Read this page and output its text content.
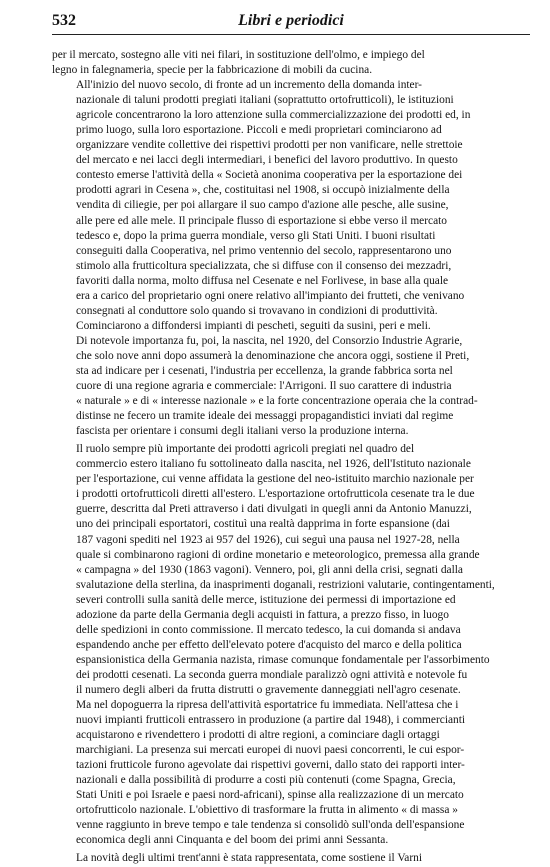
532	Libri e periodici

per il mercato, sostegno alle viti nei filari, in sostituzione dell'olmo, e impiego del
legno in falegnameria, specie per la fabbricazione di mobili da cucina.

All'inizio del nuovo secolo, di fronte ad un incremento della domanda inter-
nazionale di taluni prodotti pregiati italiani (soprattutto ortofrutticoli), le istituzioni
agricole concentrarono la loro attenzione sulla commercializzazione dei prodotti ed, in
primo luogo, sulla loro esportazione. Piccoli e medi proprietari cominciarono ad
organizzare vendite collettive dei rispettivi prodotti per non vanificare, nelle strettoie
del mercato e nei lacci degli intermediari, i benefici del lavoro produttivo. In questo
contesto emerse l'attività della « Società anonima cooperativa per la esportazione dei
prodotti agrari in Cesena », che, costituitasi nel 1908, si occupò inizialmente della
vendita di ciliegie, per poi allargare il suo campo d'azione alle pesche, alle susine,
alle pere ed alle mele. Il principale flusso di esportazione si ebbe verso il mercato
tedesco e, dopo la prima guerra mondiale, verso gli Stati Uniti. I buoni risultati
conseguiti dalla Cooperativa, nel primo ventennio del secolo, rappresentarono uno
stimolo alla frutticoltura specializzata, che si diffuse con il consenso dei mezzadri,
favoriti dalla norma, molto diffusa nel Cesenate e nel Forlivese, in base alla quale
era a carico del proprietario ogni onere relativo all'impianto dei frutteti, che venivano
consegnati al conduttore solo quando si trovavano in condizioni di produttività.
Cominciarono a diffondersi impianti di pescheti, seguiti da susini, peri e meli.
Di notevole importanza fu, poi, la nascita, nel 1920, del Consorzio Industrie Agrarie,
che solo nove anni dopo assumerà la denominazione che ancora oggi, sostiene il Preti,
sta ad indicare per i cesenati, l'industria per eccellenza, la grande fabbrica sorta nel
cuore di una regione agraria e commerciale: l'Arrigoni. Il suo carattere di industria
« naturale » e di « interesse nazionale » e la forte concentrazione operaia che la contrad-
distinse ne fecero un tramite ideale dei messaggi propagandistici inviati dal regime
fascista per orientare i consumi degli italiani verso la produzione interna.

Il ruolo sempre più importante dei prodotti agricoli pregiati nel quadro del
commercio estero italiano fu sottolineato dalla nascita, nel 1926, dell'Istituto nazionale
per l'esportazione, cui venne affidata la gestione del neo-istituito marchio nazionale per
i prodotti ortofrutticoli diretti all'estero. L'esportazione ortofrutticola cesenate tra le due
guerre, descritta dal Preti attraverso i dati divulgati in quegli anni da Antonio Manuzzi,
uno dei principali esportatori, costituì una realtà dapprima in forte espansione (dai
187 vagoni spediti nel 1923 ai 957 del 1926), cui seguì una pausa nel 1927-28, nella
quale si combinarono ragioni di ordine monetario e meteorologico, premessa alla grande
« campagna » del 1930 (1863 vagoni). Vennero, poi, gli anni della crisi, segnati dalla
svalutazione della sterlina, da inasprimenti doganali, restrizioni valutarie, contingentamenti,
severi controlli sulla sanità delle merce, istituzione dei permessi di importazione ed
adozione da parte della Germania degli acquisti in fattura, a prezzo fisso, in luogo
delle spedizioni in conto commissione. Il mercato tedesco, la cui domanda si andava
espandendo anche per effetto dell'elevato potere d'acquisto del marco e della politica
espansionistica della Germania nazista, rimase comunque fondamentale per l'assorbimento
dei prodotti cesenati. La seconda guerra mondiale paralizzò ogni attività e notevole fu
il numero degli alberi da frutta distrutti o gravemente danneggiati nell'agro cesenate.
Ma nel dopoguerra la ripresa dell'attività esportatrice fu immediata. Nell'attesa che i
nuovi impianti frutticoli entrassero in produzione (a partire dal 1948), i commercianti
acquistarono e rivendettero i prodotti di altre regioni, a cominciare dagli ortaggi
marchigiani. La presenza sui mercati europei di nuovi paesi concorrenti, le cui espor-
tazioni frutticole furono agevolate dai rispettivi governi, dallo stato dei rapporti inter-
nazionali e dalla possibilità di produrre a costi più contenuti (come Spagna, Grecia,
Stati Uniti e poi Israele e paesi nord-africani), spinse alla realizzazione di un mercato
ortofrutticolo nazionale. L'obiettivo di trasformare la frutta in alimento « di massa »
venne raggiunto in breve tempo e tale tendenza si consolidò sull'onda dell'espansione
economica degli anni Cinquanta e del boom dei primi anni Sessanta.

La novità degli ultimi trent'anni è stata rappresentata, come sostiene il Varni
